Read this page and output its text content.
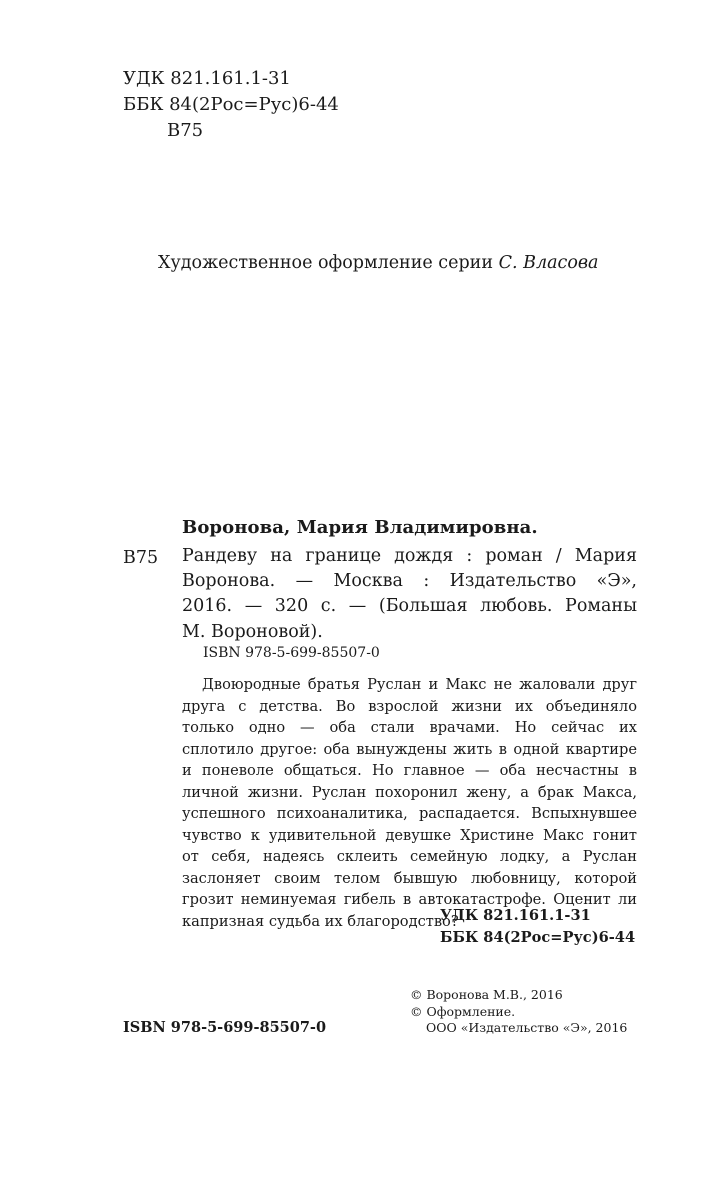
УДК 821.161.1-31
ББК 84(2Рос=Рус)6-44
В75
Художественное оформление серии С. Власова
Воронова, Мария Владимировна.
В75 Рандеву на границе дождя : роман / Мария
Воронова. — Москва : Издательство «Э»,
2016. — 320 с. — (Большая любовь. Романы
М. Вороновой).
ISBN 978-5-699-85507-0
Двоюродные братья Руслан и Макс не жаловали друг
друга с детства. Во взрослой жизни их объединяло
только одно — оба стали врачами. Но сейчас их
сплотило другое: оба вынуждены жить в одной квартире
и поневоле общаться. Но главное — оба несчастны в
личной жизни. Руслан похоронил жену, а брак Макса,
успешного психоаналитика, распадается. Вспыхнувшее
чувство к удивительной девушке Христине Макс гонит
от себя, надеясь склеить семейную лодку, а Руслан
заслоняет своим телом бывшую любовницу, которой
грозит неминуемая гибель в автокатастрофе. Оценит ли
капризная судьба их благородство?
УДК 821.161.1-31
ББК 84(2Рос=Рус)6-44
© Воронова М.В., 2016
© Оформление.
ООО «Издательство «Э», 2016
ISBN 978-5-699-85507-0
